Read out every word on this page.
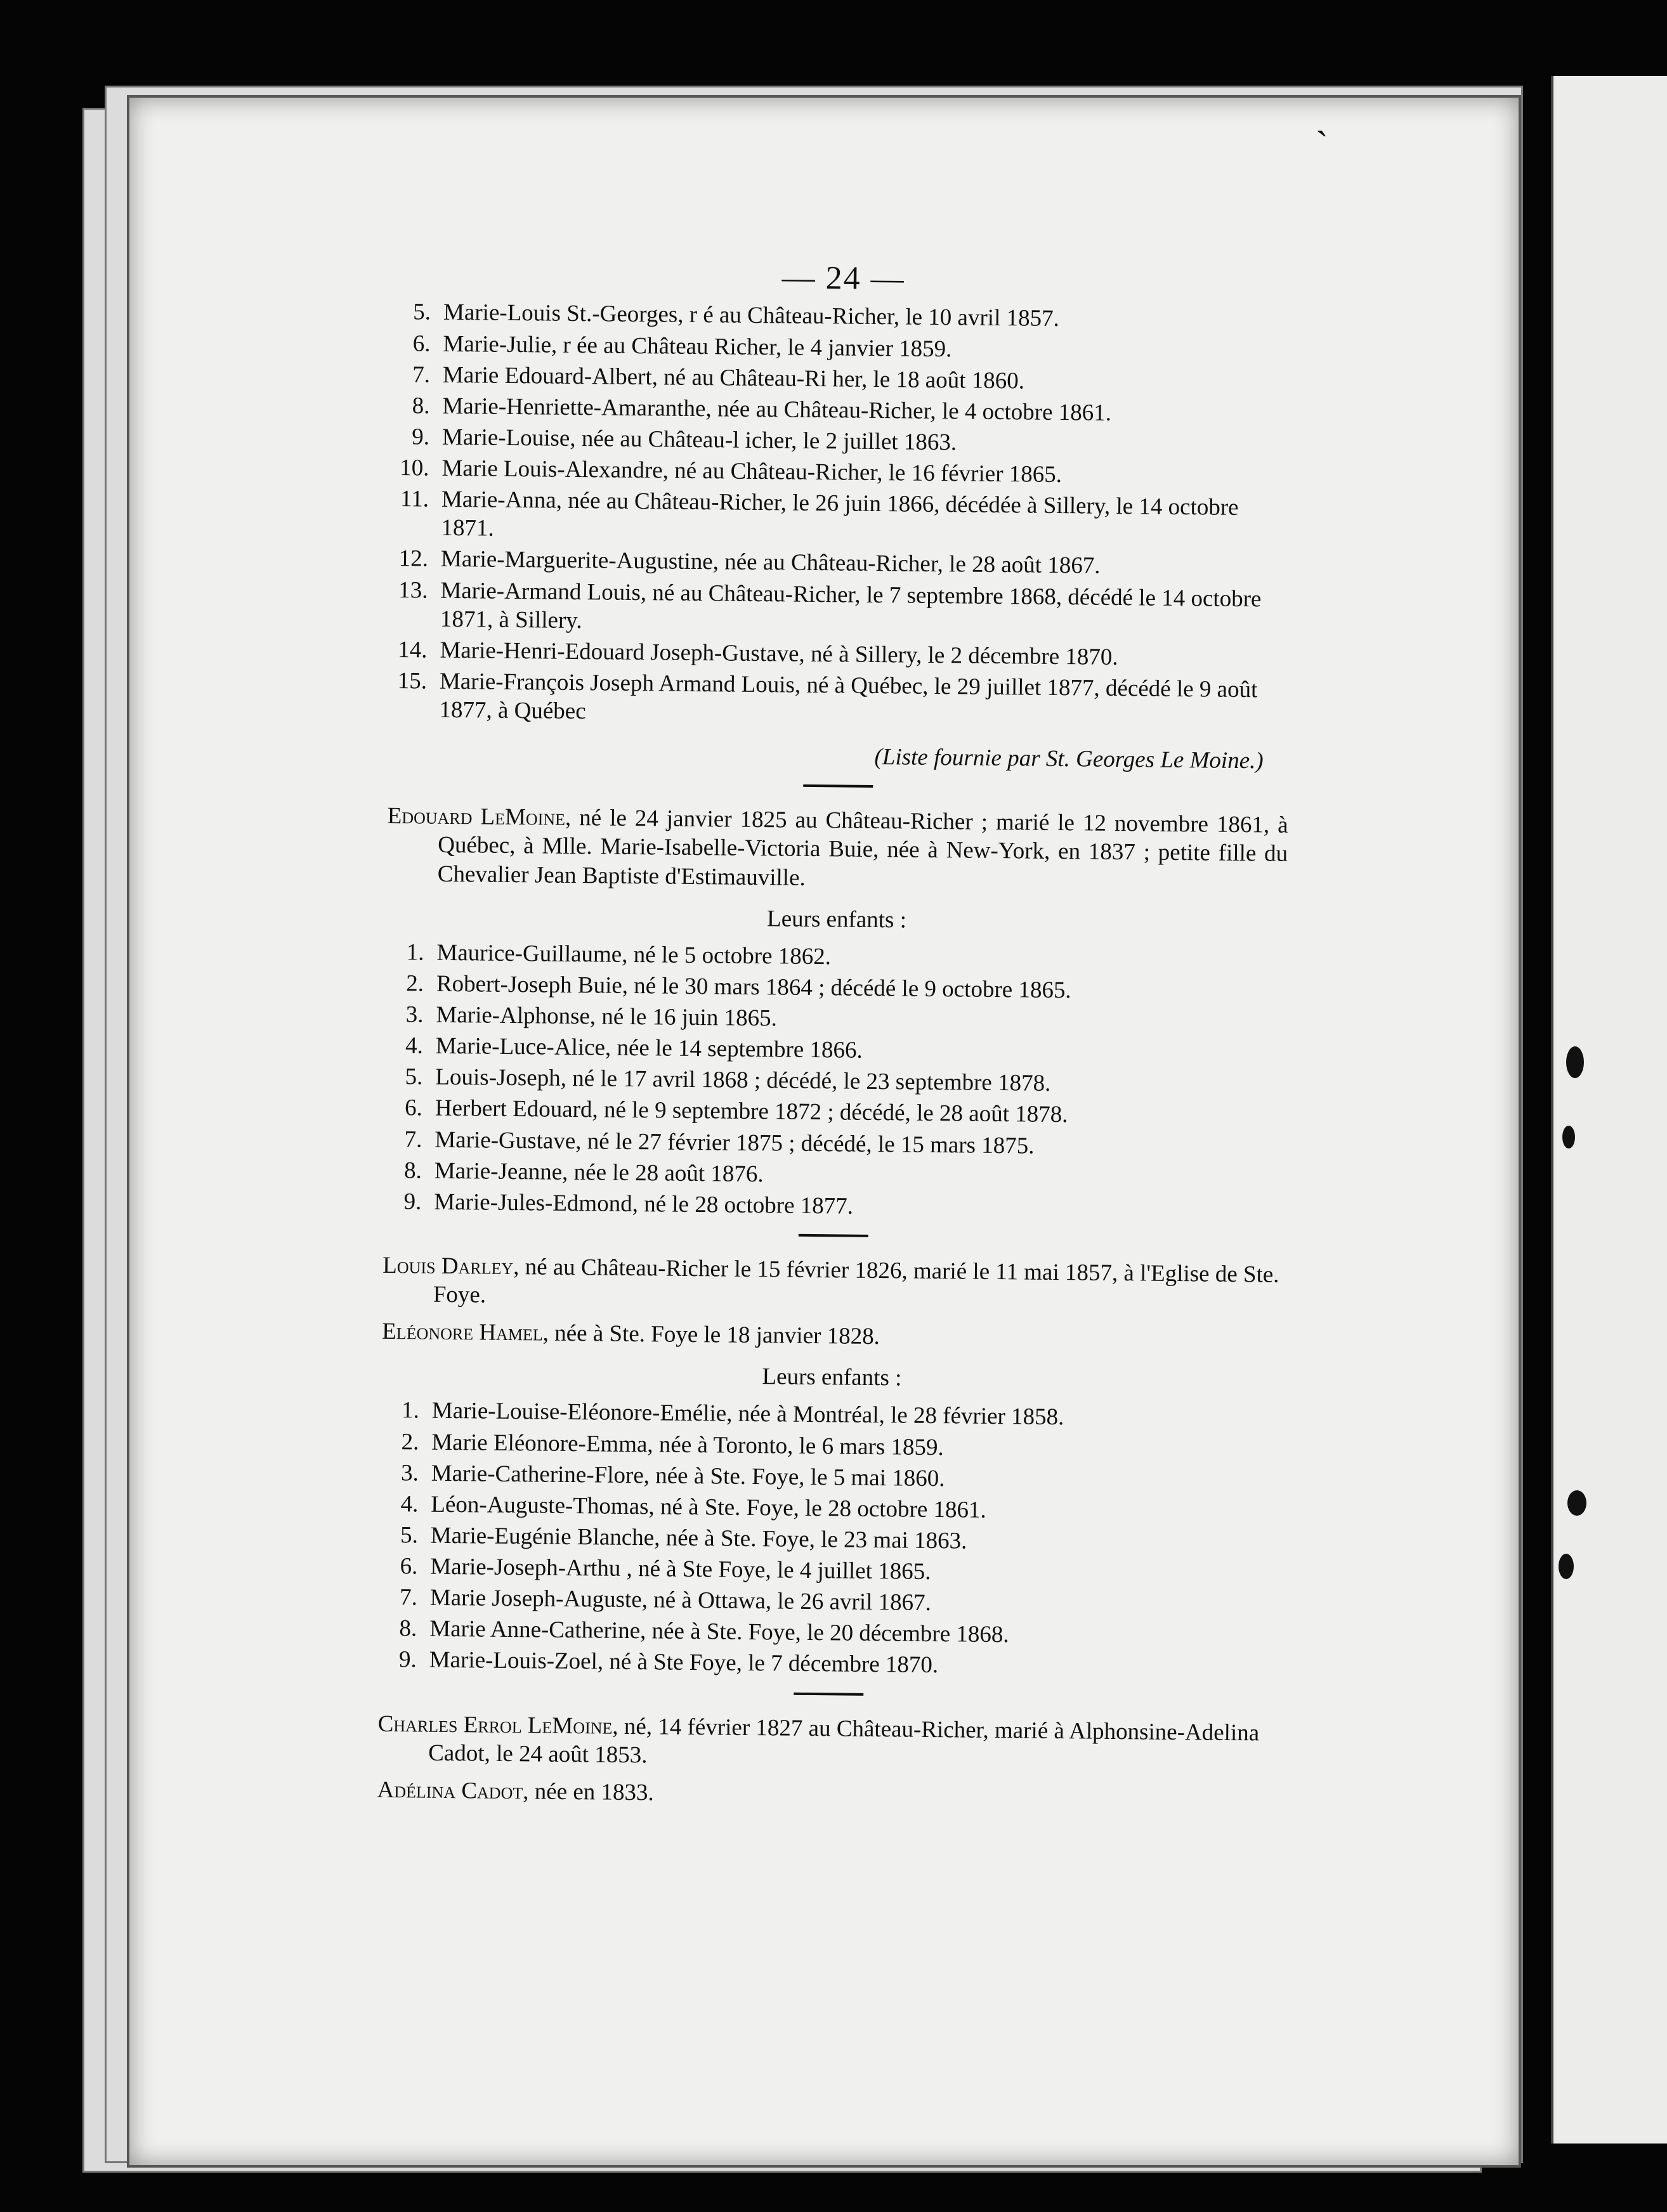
`
— 24 —
5. Marie-Louis St.-Georges, r é au Château-Richer, le 10 avril 1857.
6. Marie-Julie, r ée au Château Richer, le 4 janvier 1859.
7. Marie Edouard-Albert, né au Château-Ri her, le 18 août 1860.
8. Marie-Henriette-Amaranthe, née au Château-Richer, le 4 octobre 1861.
9. Marie-Louise, née au Château-l icher, le 2 juillet 1863.
10. Marie Louis-Alexandre, né au Château-Richer, le 16 février 1865.
11. Marie-Anna, née au Château-Richer, le 26 juin 1866, décédée à Sillery, le 14 octobre 1871.
12. Marie-Marguerite-Augustine, née au Château-Richer, le 28 août 1867.
13. Marie-Armand Louis, né au Château-Richer, le 7 septembre 1868, décédé le 14 octobre 1871, à Sillery.
14. Marie-Henri-Edouard Joseph-Gustave, né à Sillery, le 2 décembre 1870.
15. Marie-François Joseph Armand Louis, né à Québec, le 29 juillet 1877, décédé le 9 août 1877, à Québec
(Liste fournie par St. Georges Le Moine.)

Edouard LeMoine, né le 24 janvier 1825 au Château-Richer ; marié le 12 novembre 1861, à Québec, à Mlle. Marie-Isabelle-Victoria Buie, née à New-York, en 1837 ; petite fille du Chevalier Jean Baptiste d'Estimauville.

Leurs enfants :
1. Maurice-Guillaume, né le 5 octobre 1862.
2. Robert-Joseph Buie, né le 30 mars 1864 ; décédé le 9 octobre 1865.
3. Marie-Alphonse, né le 16 juin 1865.
4. Marie-Luce-Alice, née le 14 septembre 1866.
5. Louis-Joseph, né le 17 avril 1868 ; décédé, le 23 septembre 1878.
6. Herbert Edouard, né le 9 septembre 1872 ; décédé, le 28 août 1878.
7. Marie-Gustave, né le 27 février 1875 ; décédé, le 15 mars 1875.
8. Marie-Jeanne, née le 28 août 1876.
9. Marie-Jules-Edmond, né le 28 octobre 1877.

Louis Darley, né au Château-Richer le 15 février 1826, marié le 11 mai 1857, à l'Eglise de Ste. Foye.

Eléonore Hamel, née à Ste. Foye le 18 janvier 1828.

Leurs enfants :
1. Marie-Louise-Eléonore-Emélie, née à Montréal, le 28 février 1858.
2. Marie Eléonore-Emma, née à Toronto, le 6 mars 1859.
3. Marie-Catherine-Flore, née à Ste. Foye, le 5 mai 1860.
4. Léon-Auguste-Thomas, né à Ste. Foye, le 28 octobre 1861.
5. Marie-Eugénie Blanche, née à Ste. Foye, le 23 mai 1863.
6. Marie-Joseph-Arthu , né à Ste Foye, le 4 juillet 1865.
7. Marie Joseph-Auguste, né à Ottawa, le 26 avril 1867.
8. Marie Anne-Catherine, née à Ste. Foye, le 20 décembre 1868.
9. Marie-Louis-Zoel, né à Ste Foye, le 7 décembre 1870.

Charles Errol LeMoine, né, 14 février 1827 au Château-Richer, marié à Alphonsine-Adelina Cadot, le 24 août 1853.

Adélina Cadot, née en 1833.
